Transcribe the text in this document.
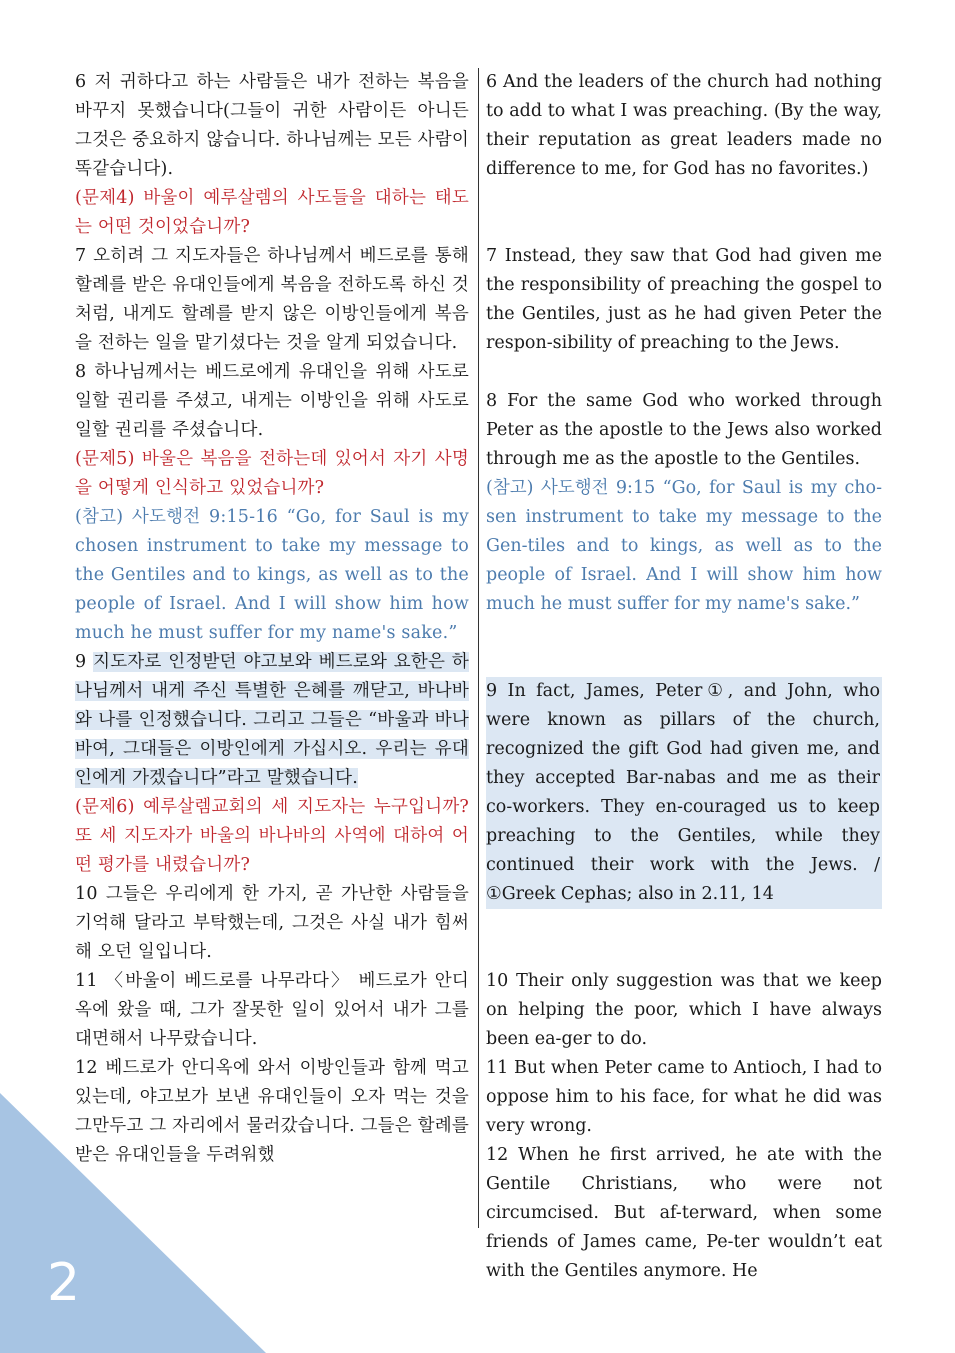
2

6 저 귀하다고 하는 사람들은 내가 전하는 복음을 바꾸지 못했습니다(그들이 귀한 사람이든 아니든 그것은 중요하지 않습니다. 하나님께는 모든 사람이 똑같습니다).

(문제4) 바울이 예루살렘의 사도들을 대하는 태도는 어떤 것이었습니까?

7 오히려 그 지도자들은 하나님께서 베드로를 통해 할례를 받은 유대인들에게 복음을 전하도록 하신 것처럼, 내게도 할례를 받지 않은 이방인들에게 복음을 전하는 일을 맡기셨다는 것을 알게 되었습니다.

8 하나님께서는 베드로에게 유대인을 위해 사도로 일할 권리를 주셨고, 내게는 이방인을 위해 사도로 일할 권리를 주셨습니다.

(문제5) 바울은 복음을 전하는데 있어서 자기 사명을 어떻게 인식하고 있었습니까?

(참고) 사도행전 9:15-16 “Go, for Saul is my chosen instrument to take my message to the Gentiles and to kings, as well as to the people of Israel. And I will show him how much he must suffer for my name's sake.”

9 지도자로 인정받던 야고보와 베드로와 요한은 하나님께서 내게 주신 특별한 은혜를 깨닫고, 바나바와 나를 인정했습니다. 그리고 그들은 “바울과 바나바여, 그대들은 이방인에게 가십시오. 우리는 유대인에게 가겠습니다”라고 말했습니다.

(문제6) 예루살렘교회의 세 지도자는 누구입니까? 또 세 지도자가 바울의 바나바의 사역에 대하여 어떤 평가를 내렸습니까?

10 그들은 우리에게 한 가지, 곧 가난한 사람들을 기억해 달라고 부탁했는데, 그것은 사실 내가 힘써 해 오던 일입니다.

11 〈바울이 베드로를 나무라다〉 베드로가 안디옥에 왔을 때, 그가 잘못한 일이 있어서 내가 그를 대면해서 나무랐습니다.

12 베드로가 안디옥에 와서 이방인들과 함께 먹고 있는데, 야고보가 보낸 유대인들이 오자 먹는 것을 그만두고 그 자리에서 물러갔습니다. 그들은 할례를 받은 유대인들을 두려워했

6 And the leaders of the church had nothing to add to what I was preaching. (By the way, their reputation as great leaders made no difference to me, for God has no favorites.)

7 Instead, they saw that God had given me the responsibility of preaching the gospel to the Gentiles, just as he had given Peter the respon-sibility of preaching to the Jews.

8 For the same God who worked through Peter as the apostle to the Jews also worked through me as the apostle to the Gentiles.

(참고) 사도행전 9:15 “Go, for Saul is my cho-sen instrument to take my message to the Gen-tiles and to kings, as well as to the people of Israel. And I will show him how much he must suffer for my name's sake.”

9 In fact, James, Peter①, and John, who were known as pillars of the church, recognized the gift God had given me, and they accepted Bar-nabas and me as their co-workers. They en-couraged us to keep preaching to the Gentiles, while they continued their work with the Jews. / ①Greek Cephas; also in 2.11, 14

10 Their only suggestion was that we keep on helping the poor, which I have always been ea-ger to do.

11 But when Peter came to Antioch, I had to oppose him to his face, for what he did was very wrong.

12 When he first arrived, he ate with the Gentile Christians, who were not circumcised. But af-terward, when some friends of James came, Pe-ter wouldn’t eat with the Gentiles anymore. He
